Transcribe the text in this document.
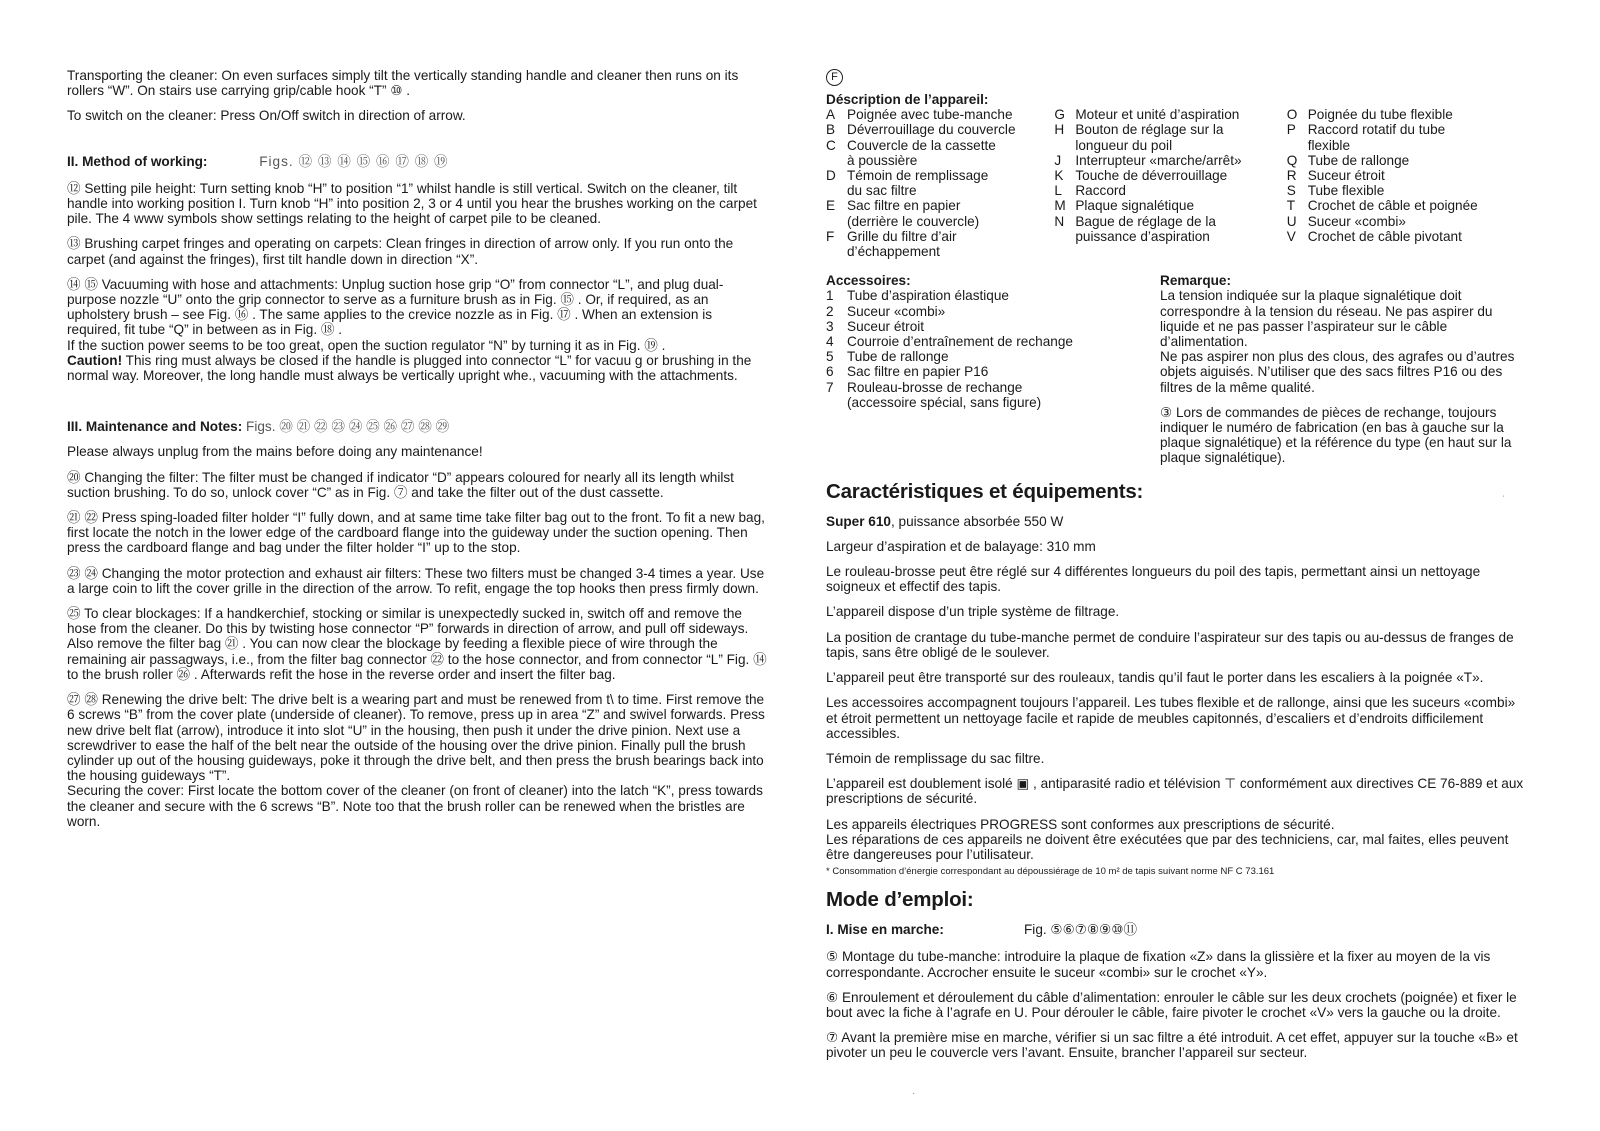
Transporting the cleaner: On even surfaces simply tilt the vertically standing handle and cleaner then runs on its rollers “W”. On stairs use carrying grip/cable hook “T” ⑩ .

To switch on the cleaner: Press On/Off switch in direction of arrow.

II. Method of working:	Figs. ⑫ ⑬ ⑭ ⑮ ⑯ ⑰ ⑱ ⑲

⑫ Setting pile height: Turn setting knob “H” to position “1” whilst handle is still vertical. Switch on the cleaner, tilt handle into working position I. Turn knob “H” into position 2, 3 or 4 until you hear the brushes working on the carpet pile. The 4 ᴡᴡᴡ symbols show settings relating to the height of carpet pile to be cleaned.

⑬ Brushing carpet fringes and operating on carpets: Clean fringes in direction of arrow only. If you run onto the carpet (and against the fringes), first tilt handle down in direction “X”.

⑭ ⑮ Vacuuming with hose and attachments: Unplug suction hose grip “O” from connector “L”, and plug dual-purpose nozzle “U” onto the grip connector to serve as a furniture brush as in Fig. ⑮ . Or, if required, as an upholstery brush – see Fig. ⑯ . The same applies to the crevice nozzle as in Fig. ⑰ . When an extension is required, fit tube “Q” in between as in Fig. ⑱ .
If the suction power seems to be too great, open the suction regulator “N” by turning it as in Fig. ⑲ .
Caution! This ring must always be closed if the handle is plugged into connector “L” for vacuu g or brushing in the normal way. Moreover, the long handle must always be vertically upright whe., vacuuming with the attachments.

III. Maintenance and Notes: Figs. ⑳ ㉑ ㉒ ㉓ ㉔ ㉕ ㉖ ㉗ ㉘ ㉙

Please always unplug from the mains before doing any maintenance!

⑳ Changing the filter: The filter must be changed if indicator “D” appears coloured for nearly all its length whilst suction brushing. To do so, unlock cover “C” as in Fig. ⑦ and take the filter out of the dust cassette.

㉑ ㉒ Press sping-loaded filter holder “I” fully down, and at same time take filter bag out to the front. To fit a new bag, first locate the notch in the lower edge of the cardboard flange into the guideway under the suction opening. Then press the cardboard flange and bag under the filter holder “I” up to the stop.

㉓ ㉔ Changing the motor protection and exhaust air filters: These two filters must be changed 3-4 times a year. Use a large coin to lift the cover grille in the direction of the arrow. To refit, engage the top hooks then press firmly down.

㉕ To clear blockages: If a handkerchief, stocking or similar is unexpectedly sucked in, switch off and remove the hose from the cleaner. Do this by twisting hose connector “P” forwards in direction of arrow, and pull off sideways. Also remove the filter bag ㉑ . You can now clear the blockage by feeding a flexible piece of wire through the remaining air passagways, i.e., from the filter bag connector ㉒ to the hose connector, and from connector “L” Fig. ⑭ to the brush roller ㉖ . Afterwards refit the hose in the reverse order and insert the filter bag.

㉗ ㉘ Renewing the drive belt: The drive belt is a wearing part and must be renewed from t\ to time. First remove the 6 screws “B” from the cover plate (underside of cleaner). To remove, press up in area “Z” and swivel forwards. Press new drive belt flat (arrow), introduce it into slot “U” in the housing, then push it under the drive pinion. Next use a screwdriver to ease the half of the belt near the outside of the housing over the drive pinion. Finally pull the brush cylinder up out of the housing guideways, poke it through the drive belt, and then press the brush bearings back into the housing guideways “T”.
Securing the cover: First locate the bottom cover of the cleaner (on front of cleaner) into the latch “K”, press towards the cleaner and secure with the 6 screws “B”. Note too that the brush roller can be renewed when the bristles are worn.

F
Déscription de l’appareil:
A Poignée avec tube-manche
B Déverrouillage du couvercle
C Couvercle de la cassette
à poussière
D Témoin de remplissage
du sac filtre
E Sac filtre en papier
(derrière le couvercle)
F Grille du filtre d’air
d’échappement
G Moteur et unité d’aspiration
H Bouton de réglage sur la
longueur du poil
J	Interrupteur «marche/arrêt»
K Touche de déverrouillage
L Raccord
M Plaque signalétique
N Bague de réglage de la
puissance d’aspiration
O Poignée du tube flexible
P Raccord rotatif du tube
flexible
Q Tube de rallonge
R Suceur étroit
S Tube flexible
T Crochet de câble et poignée
U Suceur «combi»
V Crochet de câble pivotant
Accessoires:
1 Tube d’aspiration élastique
2 Suceur «combi»
3 Suceur étroit
4 Courroie d’entraînement de rechange
5 Tube de rallonge
6 Sac filtre en papier P16
7 Rouleau-brosse de rechange
(accessoire spécial, sans figure)
Remarque:
La tension indiquée sur la plaque signalétique doit correspondre à la tension du réseau. Ne pas aspirer du liquide et ne pas passer l’aspirateur sur le câble d’alimentation.
Ne pas aspirer non plus des clous, des agrafes ou d’autres objets aiguisés. N’utiliser que des sacs filtres P16 ou des filtres de la même qualité.
③ Lors de commandes de pièces de rechange, toujours indiquer le numéro de fabrication (en bas à gauche sur la plaque signalétique) et la référence du type (en haut sur la plaque signalétique).
Caractéristiques et équipements:

Super 610, puissance absorbée 550 W

Largeur d’aspiration et de balayage: 310 mm

Le rouleau-brosse peut être réglé sur 4 différentes longueurs du poil des tapis, permettant ainsi un nettoyage soigneux et effectif des tapis.

L’appareil dispose d’un triple système de filtrage.

La position de crantage du tube-manche permet de conduire l’aspirateur sur des tapis ou au-dessus de franges de tapis, sans être obligé de le soulever.

L’appareil peut être transporté sur des rouleaux, tandis qu’il faut le porter dans les escaliers à la poignée «T».

Les accessoires accompagnent toujours l’appareil. Les tubes flexible et de rallonge, ainsi que les suceurs «combi» et étroit permettent un nettoyage facile et rapide de meubles capitonnés, d’escaliers et d’endroits difficilement accessibles.

Témoin de remplissage du sac filtre.

L’appareil est doublement isolé ▣ , antiparasité radio et télévision ⊤ conformément aux directives CE 76-889 et aux prescriptions de sécurité.

Les appareils électriques PROGRESS sont conformes aux prescriptions de sécurité.
Les réparations de ces appareils ne doivent être exécutées que par des techniciens, car, mal faites, elles peuvent être dangereuses pour l’utilisateur.

* Consommation d’énergie correspondant au dépoussiérage de 10 m² de tapis suivant norme NF C 73.161

Mode d’emploi:
I. Mise en marche:	Fig. ⑤⑥⑦⑧⑨⑩⑪

⑤ Montage du tube-manche: introduire la plaque de fixation «Z» dans la glissière et la fixer au moyen de la vis correspondante. Accrocher ensuite le suceur «combi» sur le crochet «Y».

⑥ Enroulement et déroulement du câble d’alimentation: enrouler le câble sur les deux crochets (poignée) et fixer le bout avec la fiche à l’agrafe en U. Pour dérouler le câble, faire pivoter le crochet «V» vers la gauche ou la droite.

⑦ Avant la première mise en marche, vérifier si un sac filtre a été introduit. A cet effet, appuyer sur la touche «B» et pivoter un peu le couvercle vers l’avant. Ensuite, brancher l’appareil sur secteur.

ˈ
·
